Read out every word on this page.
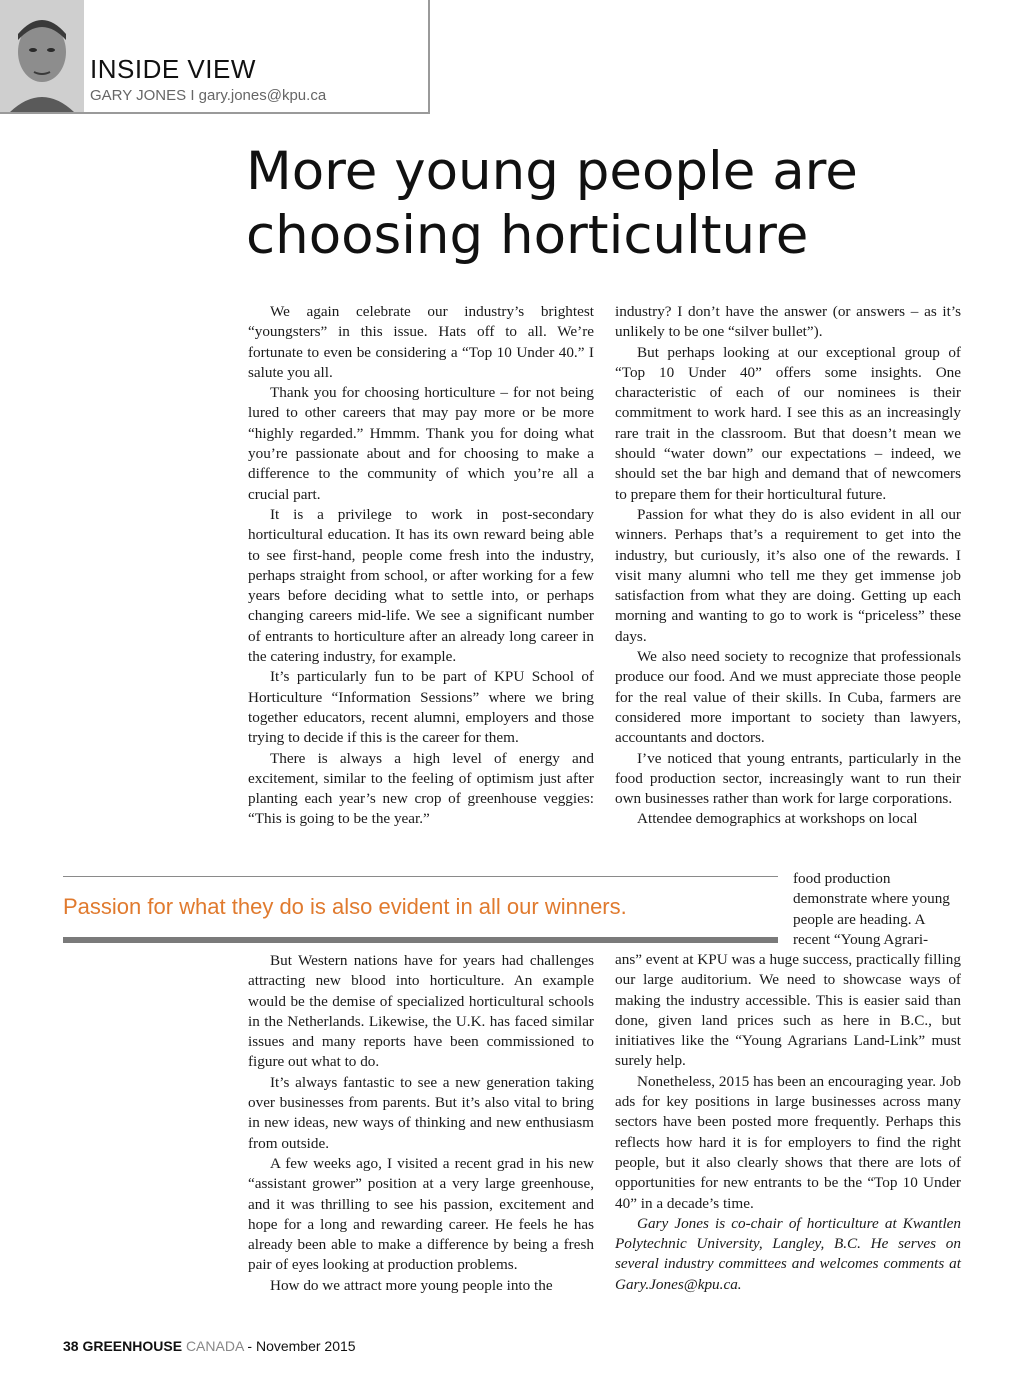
INSIDE VIEW
GARY JONES I gary.jones@kpu.ca
More young people are choosing horticulture

We again celebrate our industry’s brightest “youngsters” in this issue. Hats off to all. We’re fortunate to even be considering a “Top 10 Under 40.” I salute you all.

Thank you for choosing horticulture – for not being lured to other careers that may pay more or be more “highly regarded.” Hmmm. Thank you for doing what you’re passionate about and for choosing to make a difference to the community of which you’re all a crucial part.

It is a privilege to work in post-secondary horticultural education. It has its own reward being able to see first-hand, people come fresh into the industry, perhaps straight from school, or after working for a few years before deciding what to settle into, or perhaps changing careers mid-life. We see a significant number of entrants to horticulture after an already long career in the catering industry, for example.

It’s particularly fun to be part of KPU School of Horticulture “Information Sessions” where we bring together educators, recent alumni, employers and those trying to decide if this is the career for them.

There is always a high level of energy and excitement, similar to the feeling of optimism just after planting each year’s new crop of greenhouse veggies: “This is going to be the year.”

Passion for what they do is also evident in all our winners.

But Western nations have for years had challenges attracting new blood into horticulture. An example would be the demise of specialized horticultural schools in the Netherlands. Likewise, the U.K. has faced similar issues and many reports have been commissioned to figure out what to do.

It’s always fantastic to see a new generation taking over businesses from parents. But it’s also vital to bring in new ideas, new ways of thinking and new enthusiasm from outside.

A few weeks ago, I visited a recent grad in his new “assistant grower” position at a very large greenhouse, and it was thrilling to see his passion, excitement and hope for a long and rewarding career. He feels he has already been able to make a difference by being a fresh pair of eyes looking at production problems.

How do we attract more young people into the

industry? I don’t have the answer (or answers – as it’s unlikely to be one “silver bullet”).

But perhaps looking at our exceptional group of “Top 10 Under 40” offers some insights. One characteristic of each of our nominees is their commitment to work hard. I see this as an increasingly rare trait in the classroom. But that doesn’t mean we should “water down” our expectations – indeed, we should set the bar high and demand that of newcomers to prepare them for their horticultural future.

Passion for what they do is also evident in all our winners. Perhaps that’s a requirement to get into the industry, but curiously, it’s also one of the rewards. I visit many alumni who tell me they get immense job satisfaction from what they are doing. Getting up each morning and wanting to go to work is “priceless” these days.

We also need society to recognize that professionals produce our food. And we must appreciate those people for the real value of their skills. In Cuba, farmers are considered more important to society than lawyers, accountants and doctors.

I’ve noticed that young entrants, particularly in the food production sector, increasingly want to run their own businesses rather than work for large corporations.

Attendee demographics at workshops on local

food production demonstrate where young people are heading. A recent “Young Agrari-

ans” event at KPU was a huge success, practically filling our large auditorium. We need to showcase ways of making the industry accessible. This is easier said than done, given land prices such as here in B.C., but initiatives like the “Young Agrarians Land-Link” must surely help.

Nonetheless, 2015 has been an encouraging year. Job ads for key positions in large businesses across many sectors have been posted more frequently. Perhaps this reflects how hard it is for employers to find the right people, but it also clearly shows that there are lots of opportunities for new entrants to be the “Top 10 Under 40” in a decade’s time.

Gary Jones is co-chair of horticulture at Kwantlen Polytechnic University, Langley, B.C. He serves on several industry committees and welcomes comments at Gary.Jones@kpu.ca.

38 GREENHOUSE CANADA - November 2015
